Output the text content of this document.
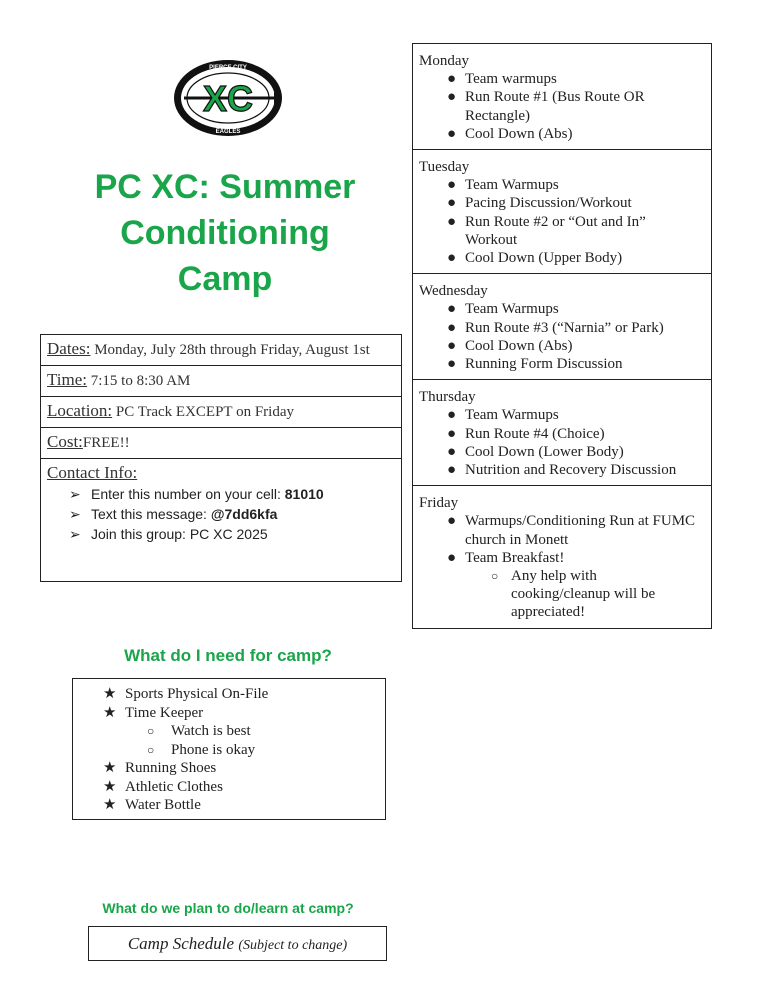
PIERCE CITY
EAGLES
XC
PC XC: Summer
Conditioning
Camp
Dates: Monday, July 28th through Friday, August 1st
Time: 7:15 to 8:30 AM
Location: PC Track EXCEPT on Friday
Cost:FREE!!

Contact Info:
➢ Enter this number on your cell: 81010
➢ Text this message: @7dd6kfa
➢ Join this group: PC XC 2025
What do I need for camp?
★ Sports Physical On-File
★ Time Keeper
○ Watch is best
○ Phone is okay
★ Running Shoes
★ Athletic Clothes
★ Water Bottle
What do we plan to do/learn at camp?
Camp Schedule (Subject to change)
Monday
● Team warmups
● Run Route #1 (Bus Route OR
Rectangle)
● Cool Down (Abs)

Tuesday
● Team Warmups
● Pacing Discussion/Workout
● Run Route #2 or “Out and In”
Workout
● Cool Down (Upper Body)

Wednesday
● Team Warmups
● Run Route #3 (“Narnia” or Park)
● Cool Down (Abs)
● Running Form Discussion

Thursday
● Team Warmups
● Run Route #4 (Choice)
● Cool Down (Lower Body)
● Nutrition and Recovery Discussion

Friday
● Warmups/Conditioning Run at FUMC
church in Monett
● Team Breakfast!
○ Any help with
cooking/cleanup will be
appreciated!
